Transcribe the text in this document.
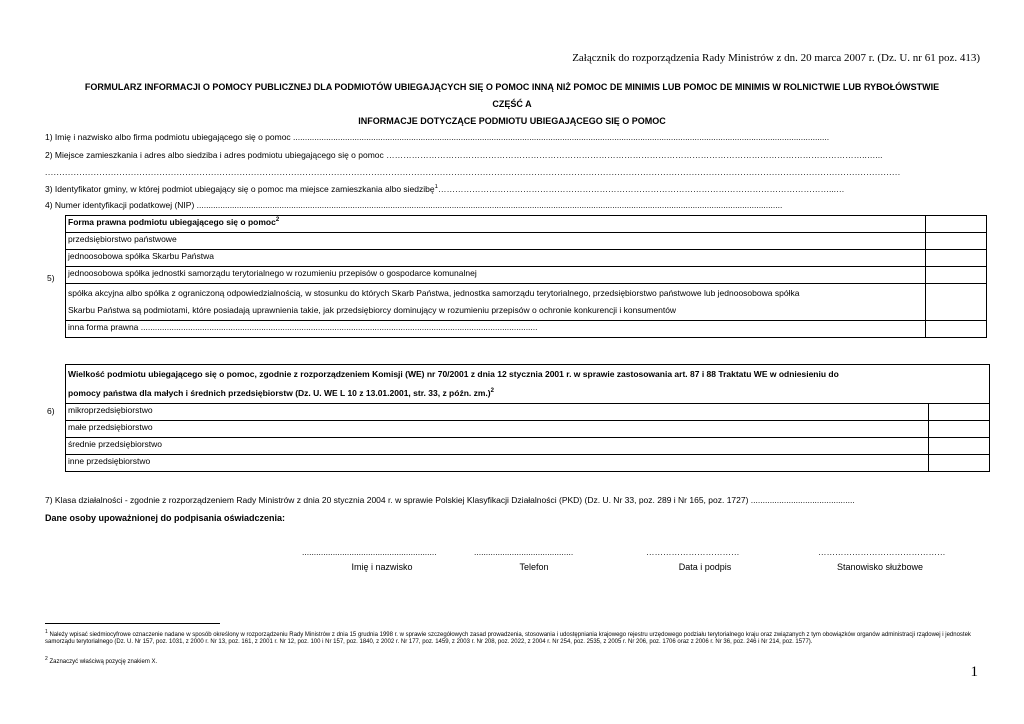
Załącznik do rozporządzenia Rady Ministrów z dn. 20 marca 2007 r. (Dz. U. nr 61 poz. 413)
FORMULARZ INFORMACJI O POMOCY PUBLICZNEJ DLA PODMIOTÓW UBIEGAJĄCYCH SIĘ O POMOC INNĄ NIŻ POMOC DE MINIMIS LUB POMOC DE MINIMIS W ROLNICTWIE LUB RYBOŁÓWSTWIE
CZĘŚĆ A
INFORMACJE DOTYCZĄCE PODMIOTU UBIEGAJĄCEGO SIĘ O POMOC
1) Imię i nazwisko albo firma podmiotu ubiegającego się o pomoc ...................................................................................................................................................................................................................................
2) Miejsce zamieszkania i adres albo siedziba i adres podmiotu ubiegającego się o pomoc ……………………………………………………………………………………………………………………………………………………..…...
...........................................................................................................................................................................................................................................................................................................
3) Identyfikator gminy, w której podmiot ubiegający się o pomoc ma miejsce zamieszkania albo siedzibę$^1$…………………………………………………………………………………………………………………………...…
4) Numer identyfikacji podatkowej (NIP) ........................................................................................................................................................................................................................................................
5)
Forma prawna podmiotu ubiegającego się o pomoc$^2$	
przedsiębiorstwo państwowe	
jednoosobowa spółka Skarbu Państwa	
jednoosobowa spółka jednostki samorządu terytorialnego w rozumieniu przepisów o gospodarce komunalnej	

spółka akcyjna albo spółka z ograniczoną odpowiedzialnością, w stosunku do których Skarb Państwa, jednostka samorządu terytorialnego, przedsiębiorstwo państwowe lub jednoosobowa spółka
Skarbu Państwa są podmiotami, które posiadają uprawnienia takie, jak przedsiębiorcy dominujący w rozumieniu przepisów o ochronie konkurencji i konsumentów	

inna forma prawna ........................................................................................................................................................................	
6)
Wielkość podmiotu ubiegającego się o pomoc, zgodnie z rozporządzeniem Komisji (WE) nr 70/2001 z dnia 12 stycznia 2001 r. w sprawie zastosowania art. 87 i 88 Traktatu WE w odniesieniu do
pomocy państwa dla małych i średnich przedsiębiorstw (Dz. U. WE L 10 z 13.01.2001, str. 33, z późn. zm.)$^2$

mikroprzedsiębiorstwo	
małe przedsiębiorstwo	
średnie przedsiębiorstwo	
inne przedsiębiorstwo	
7) Klasa działalności - zgodnie z rozporządzeniem Rady Ministrów z dnia 20 stycznia 2004 r. w sprawie Polskiej Klasyfikacji Działalności (PKD) (Dz. U. Nr 33, poz. 289 i Nr 165, poz. 1727) ............................................
Dane osoby upoważnionej do podpisania oświadczenia:
.........................................................	..........................................	……………………………	………………………………………
Imię i nazwisko	Telefon	Data i podpis	Stanowisko służbowe
$^1$ Należy wpisać siedmiocyfrowe oznaczenie nadane w sposób określony w rozporządzeniu Rady Ministrów z dnia 15 grudnia 1998 r. w sprawie szczegółowych zasad prowadzenia, stosowania i udostępniania krajowego rejestru urzędowego podziału terytorialnego kraju oraz związanych z tym obowiązków organów administracji rządowej i jednostek samorządu terytorialnego (Dz. U. Nr 157, poz. 1031, z 2000 r. Nr 13, poz. 161, z 2001 r. Nr 12, poz. 100 i Nr 157, poz. 1840, z 2002 r. Nr 177, poz. 1459, z 2003 r. Nr 208, poz. 2022, z 2004 r. Nr 254, poz. 2535, z 2005 r. Nr 206, poz. 1706 oraz z 2006 r. Nr 36, poz. 246 i Nr 214, poz. 1577).
$^2$ Zaznaczyć właściwą pozycję znakiem X.
1
